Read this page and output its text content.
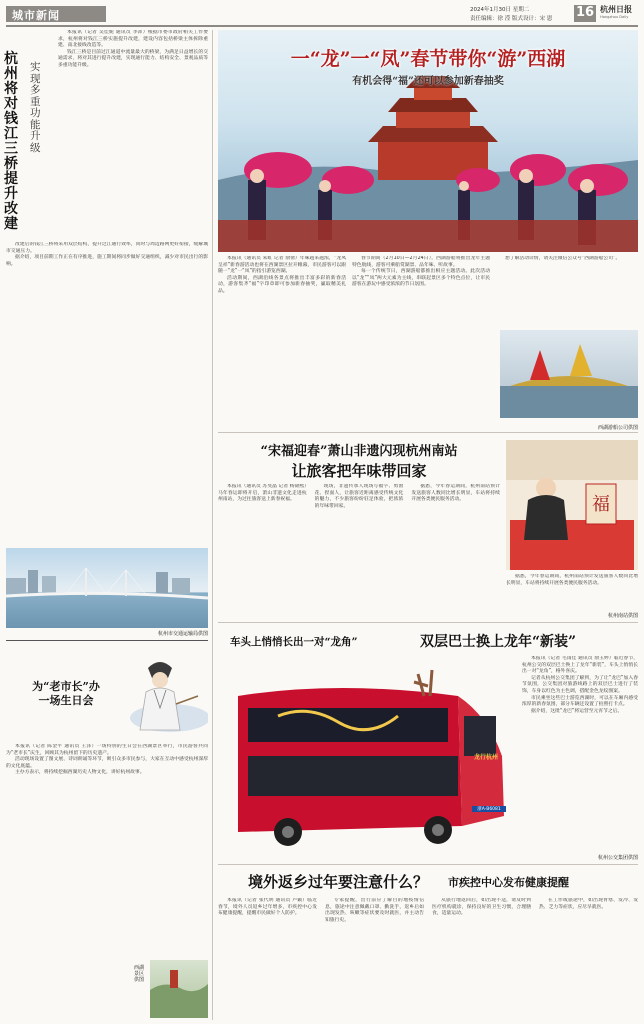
城市新闻	2024年1月30日 星期二
责任编辑：徐 滢 版式设计：宋 恩 16 杭州日报
Hangzhou Daily
杭州将对钱江三桥提升改建
实现多重功能升级
本报讯（记者 吴佳妮 通讯员 李沛）根据市委市政府相关工作要求，杭州将对钱江三桥实施提升改建，建设内容包括桥梁主体拆除重建、南北接线改造等。
钱江三桥是目前过江通道中流量最大的桥梁，为满足日益增长的交通需求，将对其进行提升改建，实现通行能力、结构安全、景观品质等多重功能升级。
改建后的钱江三桥将采用双层结构，提升过江通行效率，同时与周边路网更好衔接，缓解城市交通压力。
据介绍，项目前期工作正在有序推进，施工期间将同步做好交通组织，减少对市民出行的影响。
杭州市交通运输局供图
为“老市长”办一场生日会
本报讯（记者 陈金平 通讯员 王泽）一场特别的生日会在西湖景区举行，市民游客共同为“老市长”庆生，回顾其为杭州留下的历史遗产。
活动现场设置了图文展、诗词朗诵等环节，吸引众多市民参与，大家在互动中感受杭州深厚的文化底蕴。
主办方表示，将持续挖掘西湖历史人物文化，讲好杭州故事。
西湖景区供图
一“龙”一“凤”春节带你“游”西湖
有机会得“福”还可以参加新春抽奖
本报讯（通讯员 朱虹 记者 俞倩）年味越来越浓，“龙凤呈祥”新春游活动也将在西湖景区拉开帷幕，市民游客可以跟随一“龙”一“凤”的指引游览西湖。
活动期间，西湖沿线各景点将推出丰富多彩的新春活动，游客集齐“福”字印章即可参加新春抽奖，赢取精美礼品。
春节期间（2月10日—2月24日），西湖游船将推出龙年主题特色航线，游客可乘船赏湖景、品年味、听故事。
每一个传统节日，西湖游船都推出相应主题活动。此次活动以“龙”“凤”两大元素为主线，串联起景区多个特色点位，让市民游客在游玩中感受浓浓的节日氛围。
想了解活动详情，请关注微信公众号“西湖游船公司”。
西湖游船公司供图
“宋福迎春”萧山非遗闪现杭州南站
让旅客把年味带回家
本报讯（通讯员 苏旻晶 记者 杨锦熙）马年春运即将开启，萧山非遗文化走进杭州南站，为过往旅客送上新春祝福。
现场，非遗传承人现场写福字、剪窗花、捏面人，让旅客近距离感受传统文化的魅力，不少旅客纷纷驻足体验，把浓浓的年味带回家。
据悉，今年春运期间，杭州南站预计发送旅客人数同比增长明显，车站将持续开展各类便民服务活动。	福
据悉，今年春运期间，杭州南站预计发送旅客人数同比增长明显，车站将持续开展各类便民服务活动。
杭州南站供图
车头上悄悄长出一对“龙角”	双层巴士换上龙年“新装”
龙行杭州
浙A·B6081
本报讯（记者 毛雨佳 通讯员 俞玉婷）临近春节，杭州公交的双层巴士换上了龙年“新装”，车头上悄悄长出一对“龙角”，格外喜庆。
记者从杭州公交集团了解到，为了让“龙巴”加入春节氛围，公交集团对旅游线路上的双层巴士进行了装饰，车身以红色为主色调，搭配金色龙纹图案。
市民乘坐这些巴士游览西湖时，可以在车厢内感受浓厚的新春氛围，部分车辆还设置了拍照打卡点。
据介绍，这批“龙巴”将运营至元宵节之后。
杭州公交集团供图
境外返乡过年要注意什么？ 市疾控中心发布健康提醒
本报讯（记者 张代明 通讯员 卢颖）临近春节，境外人员返乡过年增多，市疾控中心发布健康提醒，提醒市民做好个人防护。
专家提醒，出行前应了解目的地疫情信息，旅途中注意佩戴口罩、勤洗手，返乡后如出现发热、咳嗽等症状要及时就医，并主动告知旅行史。
从旅行地返回后，如出现不适，请及时到医疗机构就诊，保持良好的卫生习惯，合理膳食，适量运动。
在工作或旅途中，如出现胃寒、发冷、发热、乏力等症状，应尽早就医。
